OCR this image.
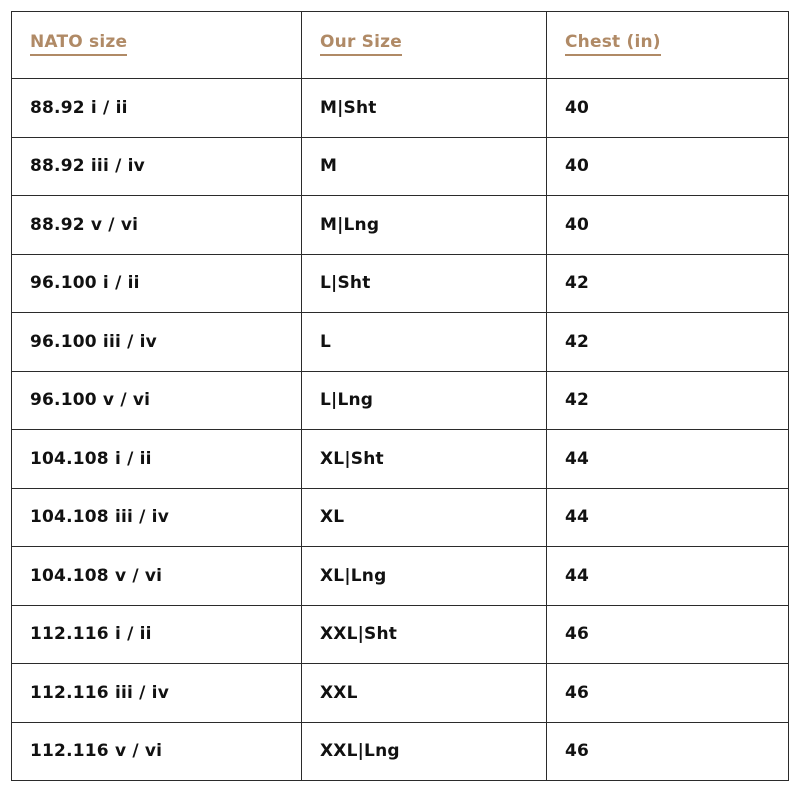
NATO size	Our Size	Chest (in)
88.92 i / ii	M|Sht	40
88.92 iii / iv	M	40
88.92 v / vi	M|Lng	40
96.100 i / ii	L|Sht	42
96.100 iii / iv	L	42
96.100 v / vi	L|Lng	42
104.108 i / ii	XL|Sht	44
104.108 iii / iv	XL	44
104.108 v / vi	XL|Lng	44
112.116 i / ii	XXL|Sht	46
112.116 iii / iv	XXL	46
112.116 v / vi	XXL|Lng	46
